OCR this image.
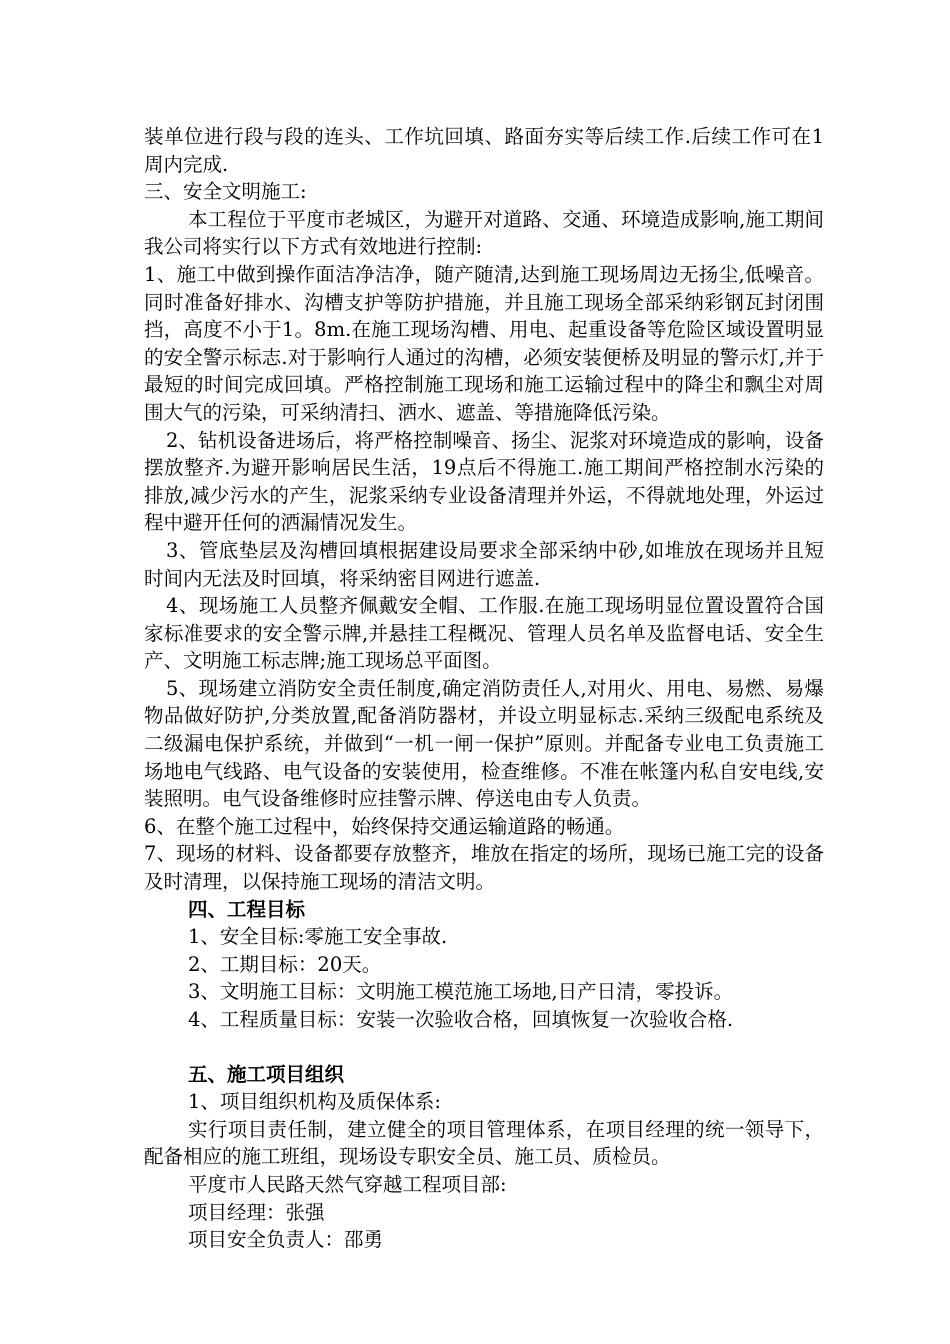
装单位进行段与段的连头、工作坑回填、路面夯实等后续工作.后续工作可在1周内完成.

三、安全文明施工:

本工程位于平度市老城区，为避开对道路、交通、环境造成影响,施工期间我公司将实行以下方式有效地进行控制:

1、施工中做到操作面洁净洁净，随产随清,达到施工现场周边无扬尘,低噪音。同时准备好排水、沟槽支护等防护措施，并且施工现场全部采纳彩钢瓦封闭围挡，高度不小于1。8m.在施工现场沟槽、用电、起重设备等危险区域设置明显的安全警示标志.对于影响行人通过的沟槽，必须安装便桥及明显的警示灯,并于最短的时间完成回填。严格控制施工现场和施工运输过程中的降尘和飘尘对周围大气的污染，可采纳清扫、洒水、遮盖、等措施降低污染。

2、钻机设备进场后，将严格控制噪音、扬尘、泥浆对环境造成的影响，设备摆放整齐.为避开影响居民生活，19点后不得施工.施工期间严格控制水污染的排放,减少污水的产生，泥浆采纳专业设备清理并外运，不得就地处理，外运过程中避开任何的洒漏情况发生。

3、管底垫层及沟槽回填根据建设局要求全部采纳中砂,如堆放在现场并且短时间内无法及时回填，将采纳密目网进行遮盖.

4、现场施工人员整齐佩戴安全帽、工作服.在施工现场明显位置设置符合国家标准要求的安全警示牌,并悬挂工程概况、管理人员名单及监督电话、安全生产、文明施工标志牌;施工现场总平面图。

5、现场建立消防安全责任制度,确定消防责任人,对用火、用电、易燃、易爆物品做好防护,分类放置,配备消防器材，并设立明显标志.采纳三级配电系统及二级漏电保护系统，并做到“一机一闸一保护”原则。并配备专业电工负责施工场地电气线路、电气设备的安装使用，检查维修。不准在帐篷内私自安电线,安装照明。电气设备维修时应挂警示牌、停送电由专人负责。

6、在整个施工过程中，始终保持交通运输道路的畅通。

7、现场的材料、设备都要存放整齐，堆放在指定的场所，现场已施工完的设备及时清理，以保持施工现场的清洁文明。

四、工程目标

1、安全目标:零施工安全事故.

2、工期目标：20天。

3、文明施工目标：文明施工模范施工场地,日产日清，零投诉。

4、工程质量目标：安装一次验收合格，回填恢复一次验收合格.

五、施工项目组织

1、项目组织机构及质保体系:

实行项目责任制，建立健全的项目管理体系，在项目经理的统一领导下，配备相应的施工班组，现场设专职安全员、施工员、质检员。

平度市人民路天然气穿越工程项目部:

项目经理：张强

项目安全负责人：邵勇
